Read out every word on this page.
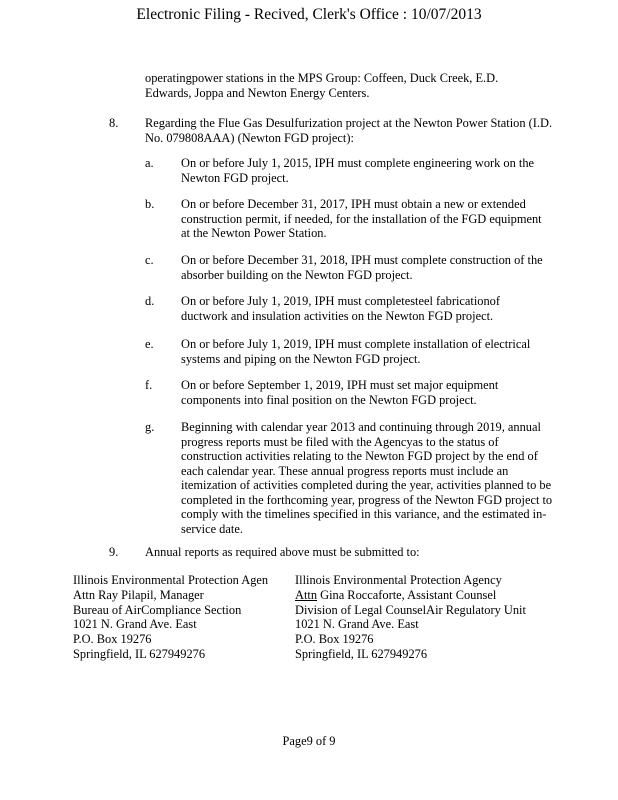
Electronic Filing - Recived, Clerk's Office : 10/07/2013
operatingpower stations in the MPS Group: Coffeen, Duck Creek, E.D.
Edwards, Joppa and Newton Energy Centers.
8. Regarding the Flue Gas Desulfurization project at the Newton Power Station (I.D.
No. 079808AAA) (Newton FGD project):
a. On or before July 1, 2015, IPH must complete engineering work on the
Newton FGD project.
b. On or before December 31, 2017, IPH must obtain a new or extended
construction permit, if needed, for the installation of the FGD equipment
at the Newton Power Station.
c. On or before December 31, 2018, IPH must complete construction of the
absorber building on the Newton FGD project.
d. On or before July 1, 2019, IPH must completesteel fabricationof
ductwork and insulation activities on the Newton FGD project.
e. On or before July 1, 2019, IPH must complete installation of electrical
systems and piping on the Newton FGD project.
f. On or before September 1, 2019, IPH must set major equipment
components into final position on the Newton FGD project.
g. Beginning with calendar year 2013 and continuing through 2019, annual
progress reports must be filed with the Agencyas to the status of
construction activities relating to the Newton FGD project by the end of
each calendar year. These annual progress reports must include an
itemization of activities completed during the year, activities planned to be
completed in the forthcoming year, progress of the Newton FGD project to
comply with the timelines specified in this variance, and the estimated in-
service date.
9. Annual reports as required above must be submitted to:
Illinois Environmental Protection Agen
Attn Ray Pilapil, Manager
Bureau of AirCompliance Section
1021 N. Grand Ave. East
P.O. Box 19276
Springfield, IL 627949276
Illinois Environmental Protection Agency
Attn Gina Roccaforte, Assistant Counsel
Division of Legal CounselAir Regulatory Unit
1021 N. Grand Ave. East
P.O. Box 19276
Springfield, IL 627949276
Page9 of 9
